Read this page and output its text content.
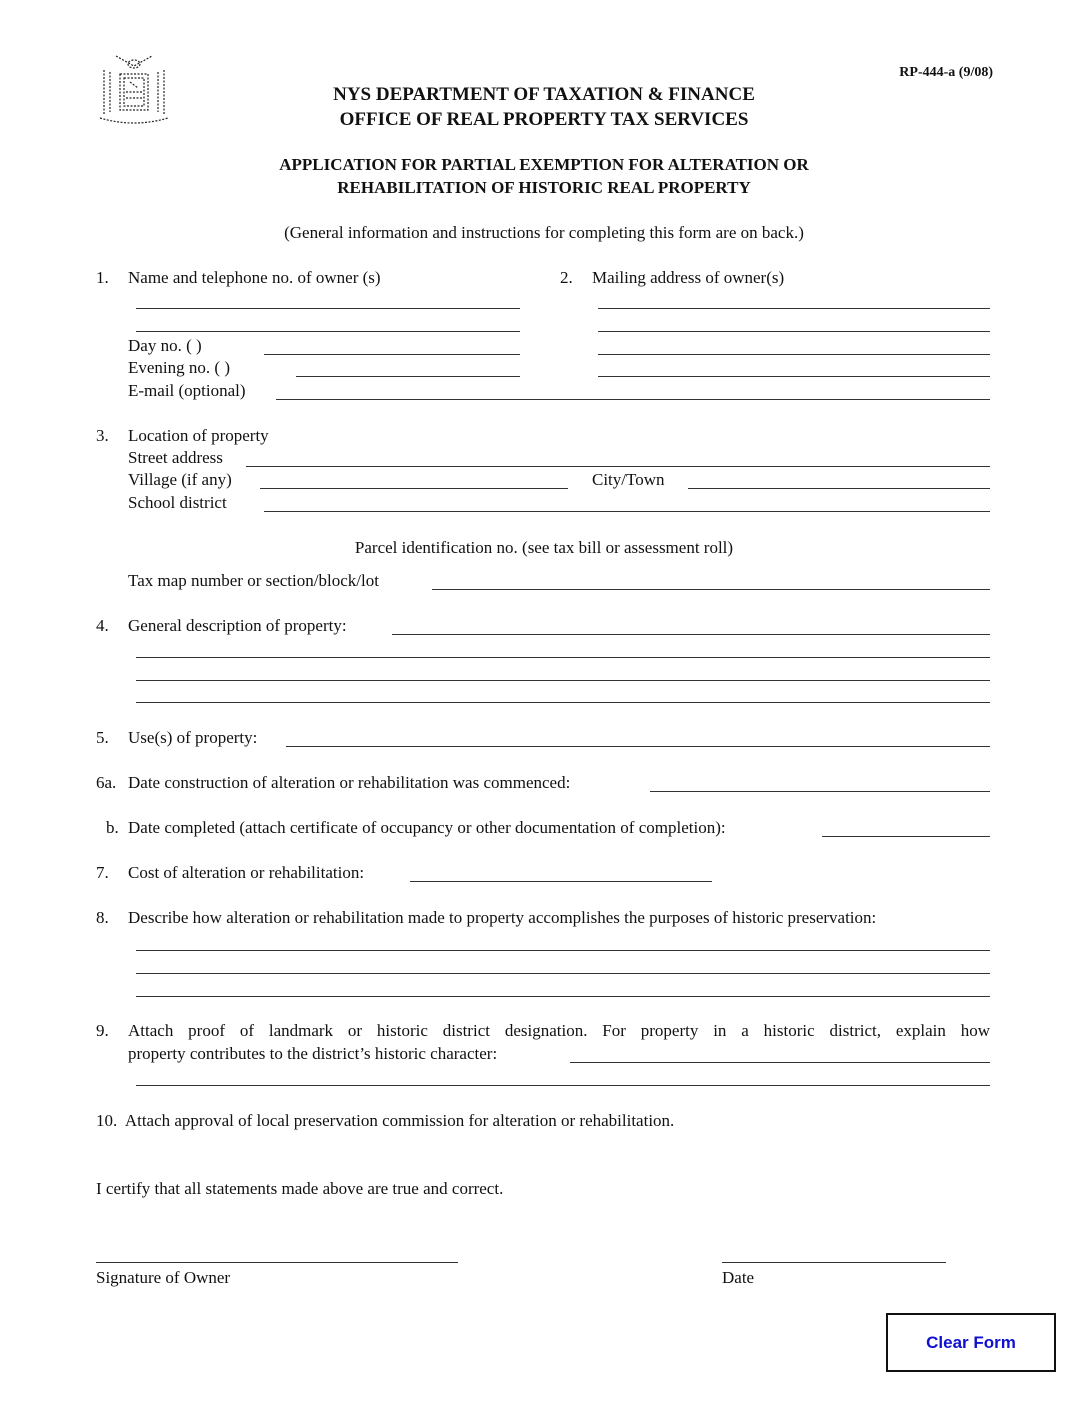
RP-444-a (9/08)
NYS DEPARTMENT OF TAXATION & FINANCE
OFFICE OF REAL PROPERTY TAX SERVICES
APPLICATION FOR PARTIAL EXEMPTION FOR ALTERATION OR
REHABILITATION OF HISTORIC REAL PROPERTY
(General information and instructions for completing this form are on back.)
1. Name and telephone no. of owner (s)
Day no. ( )
Evening no. ( )
E-mail (optional)
2. Mailing address of owner(s)
3. Location of property
Street address
Village (if any)	City/Town
School district
Parcel identification no. (see tax bill or assessment roll)
Tax map number or section/block/lot
4. General description of property:
5. Use(s) of property:
6a. Date construction of alteration or rehabilitation was commenced:
b. Date completed (attach certificate of occupancy or other documentation of completion):
7. Cost of alteration or rehabilitation:
8. Describe how alteration or rehabilitation made to property accomplishes the purposes of historic preservation:
9. Attach proof of landmark or historic district designation. For property in a historic district, explain how
property contributes to the district’s historic character:
10. Attach approval of local preservation commission for alteration or rehabilitation.
I certify that all statements made above are true and correct.
Signature of Owner	Date
Clear Form
